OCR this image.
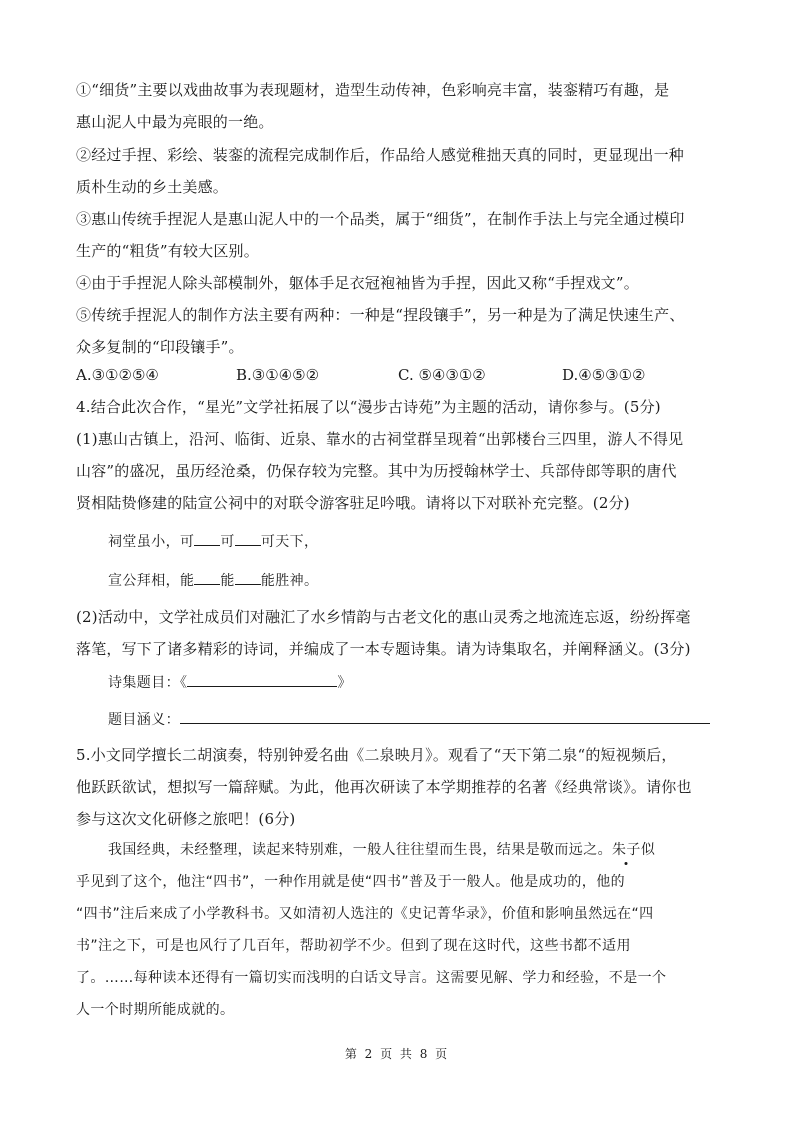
①“细货”主要以戏曲故事为表现题材，造型生动传神，色彩响亮丰富，装銮精巧有趣，是
惠山泥人中最为亮眼的一绝。
②经过手捏、彩绘、装銮的流程完成制作后，作品给人感觉稚拙天真的同时，更显现出一种
质朴生动的乡土美感。
③惠山传统手捏泥人是惠山泥人中的一个品类，属于“细货”，在制作手法上与完全通过模印
生产的“粗货”有较大区别。
④由于手捏泥人除头部模制外，躯体手足衣冠袍袖皆为手捏，因此又称“手捏戏文”。
⑤传统手捏泥人的制作方法主要有两种：一种是“捏段镶手”，另一种是为了满足快速生产、
众多复制的“印段镶手”。
A.③①②⑤④	B.③①④⑤②	C. ⑤④③①②	D.④⑤③①②
4.结合此次合作，“星光”文学社拓展了以“漫步古诗苑”为主题的活动，请你参与。(5分)
(1)惠山古镇上，沿河、临街、近泉、靠水的古祠堂群呈现着“出郭楼台三四里，游人不得见
山容”的盛况，虽历经沧桑，仍保存较为完整。其中为历授翰林学士、兵部侍郎等职的唐代
贤相陆贽修建的陆宣公祠中的对联令游客驻足吟哦。请将以下对联补充完整。(2分)
祠堂虽小，可 可 可天下，
宣公拜相，能 能 能胜神。
(2)活动中，文学社成员们对融汇了水乡情韵与古老文化的惠山灵秀之地流连忘返，纷纷挥毫
落笔，写下了诸多精彩的诗词，并编成了一本专题诗集。请为诗集取名，并阐释涵义。(3分)
诗集题目：《	》
题目涵义：
5.小文同学擅长二胡演奏，特别钟爱名曲《二泉映月》。观看了“天下第二泉“的短视频后，
他跃跃欲试，想拟写一篇辞赋。为此，他再次研读了本学期推荐的名著《经典常谈》。请你也
参与这次文化研修之旅吧！(6分)
我国经典，未经整理，读起来特别难，一般人往往望而生畏，结果是敬而远之。朱子似
乎见到了这个，他注“四书”，一种作用就是使“四书”普及于一般人。他是成功的，他的
“四书”注后来成了小学教科书。又如清初人选注的《史记菁华录》，价值和影响虽然远在“四
书”注之下，可是也风行了几百年，帮助初学不少。但到了现在这时代，这些书都不适用
了。……每种读本还得有一篇切实而浅明的白话文导言。这需要见解、学力和经验，不是一个
人一个时期所能成就的。
第 2 页 共 8 页
